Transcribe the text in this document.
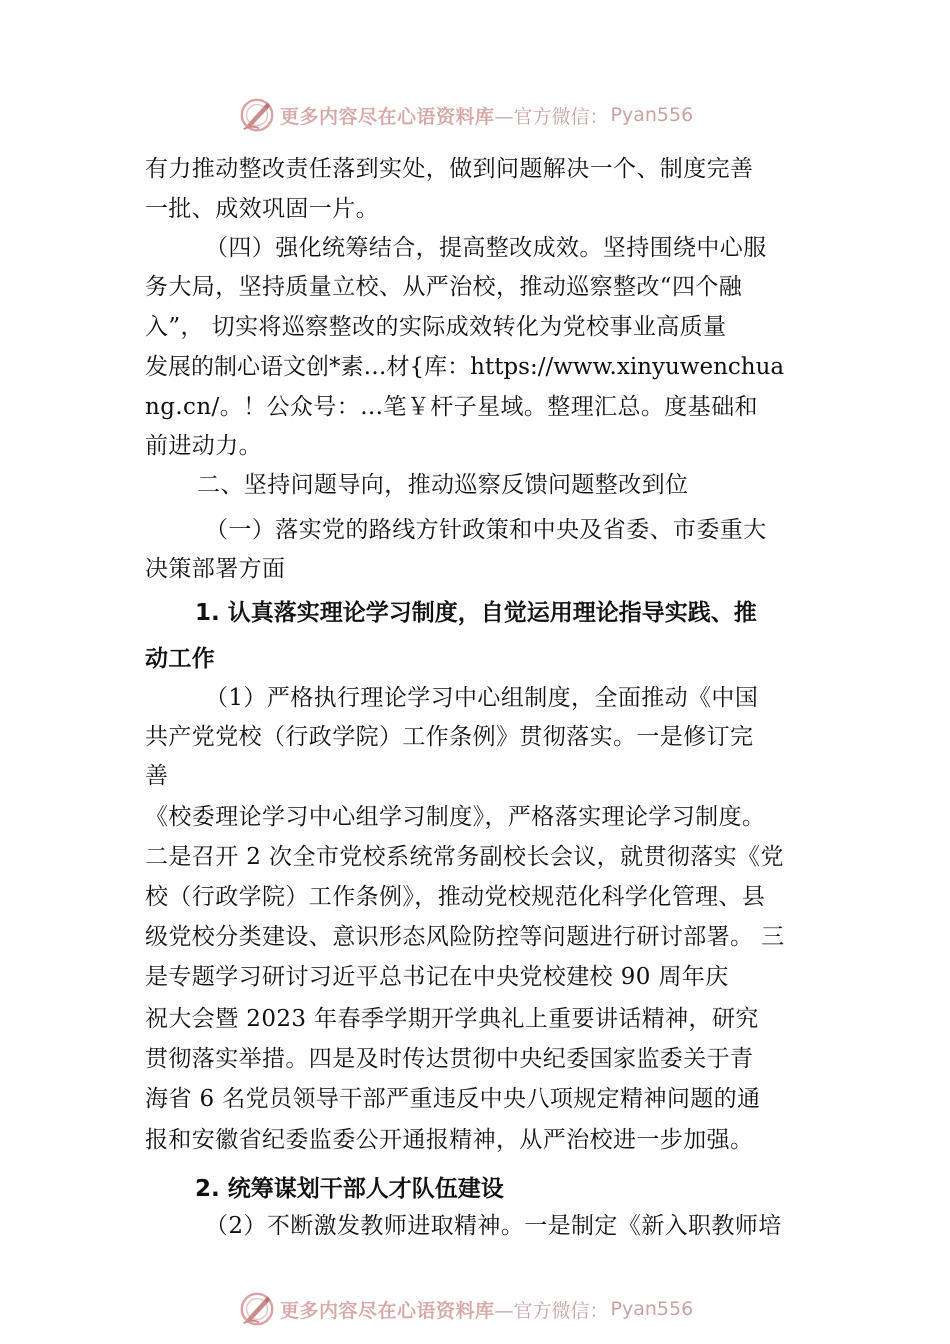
更多内容尽在心语资料库 —官方微信： Pyan556
有力推动整改责任落到实处，做到问题解决一个、制度完善
一批、成效巩固一片。
（四）强化统筹结合，提高整改成效。坚持围绕中心服
务大局，坚持质量立校、从严治校，推动巡察整改“四个融
入”， 切实将巡察整改的实际成效转化为党校事业高质量
发展的制心语文创*素…材{库：https://www.xinyuwenchua
ng.cn/。！公众号：…笔￥杆子星域。整理汇总。度基础和
前进动力。
二、坚持问题导向，推动巡察反馈问题整改到位
（一）落实党的路线方针政策和中央及省委、市委重大
决策部署方面
1. 认真落实理论学习制度，自觉运用理论指导实践、推
动工作
（1）严格执行理论学习中心组制度，全面推动《中国
共产党党校（行政学院）工作条例》贯彻落实。一是修订完
善
《校委理论学习中心组学习制度》，严格落实理论学习制度。
二是召开 2 次全市党校系统常务副校长会议，就贯彻落实《党
校（行政学院）工作条例》，推动党校规范化科学化管理、县
级党校分类建设、意识形态风险防控等问题进行研讨部署。 三
是专题学习研讨习近平总书记在中央党校建校 90 周年庆
祝大会暨 2023 年春季学期开学典礼上重要讲话精神，研究
贯彻落实举措。四是及时传达贯彻中央纪委国家监委关于青
海省 6 名党员领导干部严重违反中央八项规定精神问题的通
报和安徽省纪委监委公开通报精神，从严治校进一步加强。
2. 统筹谋划干部人才队伍建设
（2）不断激发教师进取精神。一是制定《新入职教师培
更多内容尽在心语资料库 —官方微信： Pyan556
